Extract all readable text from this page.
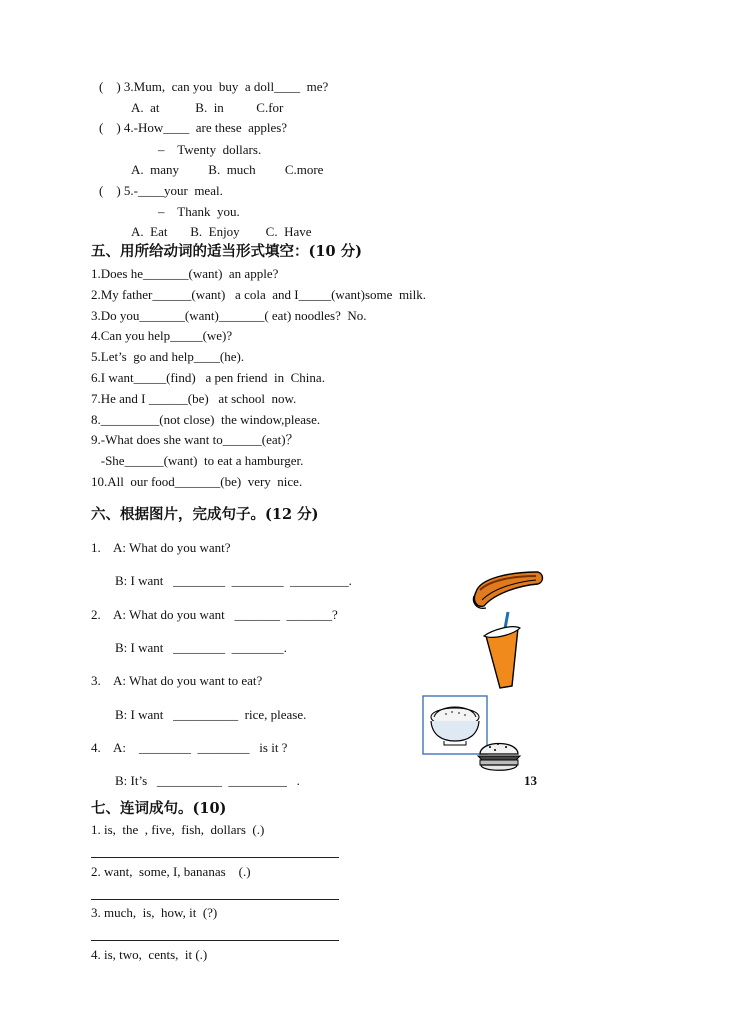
(    ) 3.Mum,  can you  buy  a doll____  me?
A.  at           B.  in          C.for
(    ) 4.-How____  are these  apples?
–    Twenty  dollars.
A.  many         B.  much         C.more
(    ) 5.-____your  meal.
–    Thank  you.
A.  Eat       B.  Enjoy        C.  Have
五、用所给动词的适当形式填空：(10 分)
1.Does he_______(want)  an apple?
2.My father______(want)   a cola  and I_____(want)some  milk.
3.Do you_______(want)_______( eat) noodles?  No.
4.Can you help_____(we)?
5.Let’s  go and help____(he).
6.I want_____(find)   a pen friend  in  China.
7.He and I ______(be)   at school  now.
8._________(not close)  the window,please.
9.-What does she want to______(eat)？
-She______(want)  to eat a hamburger.
10.All  our food_______(be)  very  nice.
六、根据图片，完成句子。(12 分)
1.    A: What do you want?
B: I want   ________  ________  _________.
2.    A: What do you want   _______  _______?
B: I want   ________  ________.
3.    A: What do you want to eat?
B: I want   __________  rice, please.
4.    A:    ________  ________   is it ?
B: It’s   __________  _________   .	13
七、连词成句。(10)
1. is,  the  , five,  fish,  dollars  (.)
2. want,  some, I, bananas    (.)
3. much,  is,  how, it  (?)
4. is, two,  cents,  it (.)
